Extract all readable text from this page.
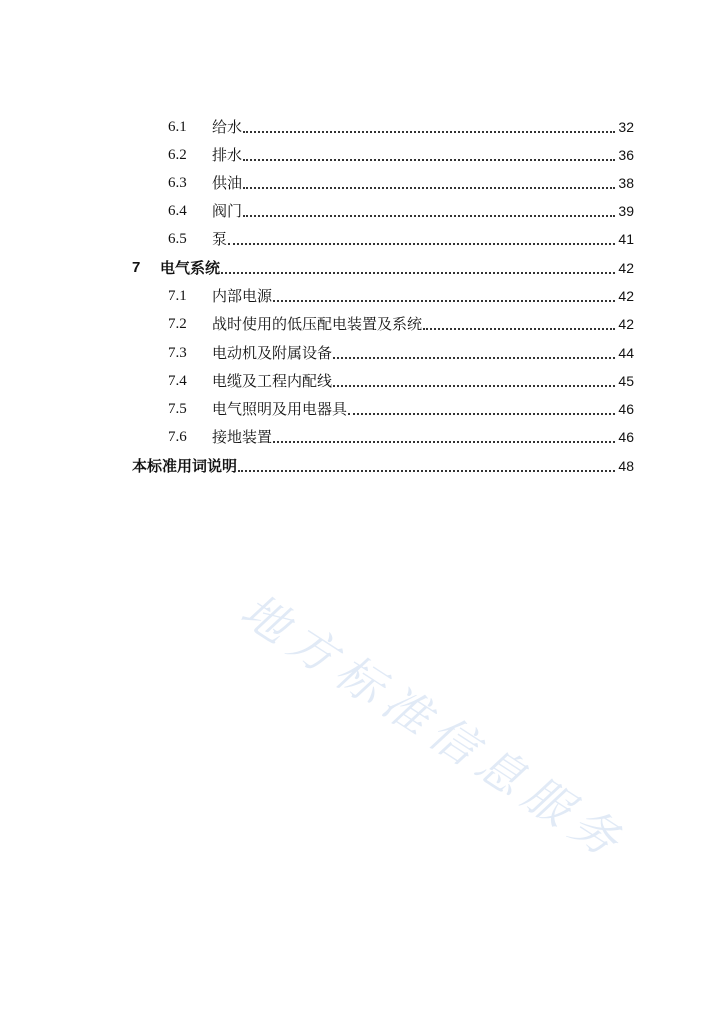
6.1	给水	32
6.2	排水	36
6.3	供油	38
6.4	阀门	39
6.5	泵	41
7	电气系统	42
7.1	内部电源	42
7.2	战时使用的低压配电装置及系统	42
7.3	电动机及附属设备	44
7.4	电缆及工程内配线	45
7.5	电气照明及用电器具	46
7.6	接地装置	46
本标准用词说明	48
地方标准信息服务
